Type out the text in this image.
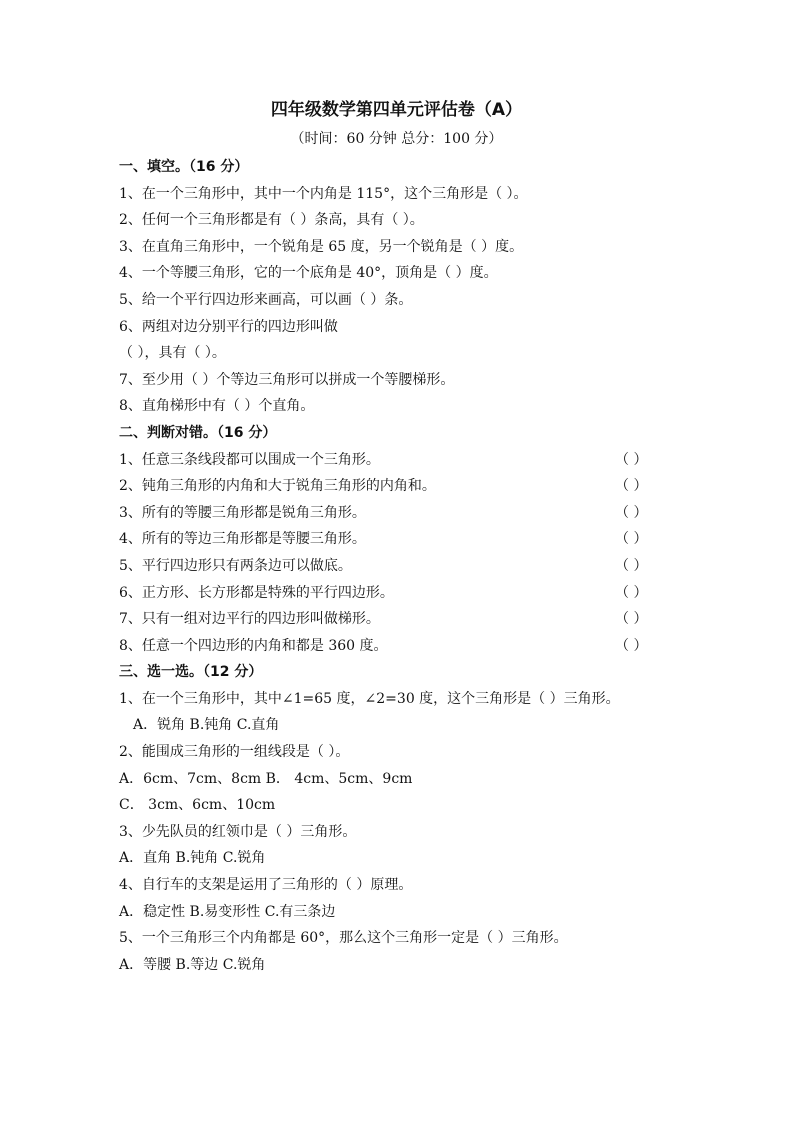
四年级数学第四单元评估卷（A）
（时间：60 分钟 总分：100 分）
一、填空。（16 分）
1、在一个三角形中，其中一个内角是 115°，这个三角形是（ ）。
2、任何一个三角形都是有（ ）条高，具有（ ）。
3、在直角三角形中，一个锐角是 65 度，另一个锐角是（ ）度。
4、一个等腰三角形，它的一个底角是 40°，顶角是（ ）度。
5、给一个平行四边形来画高，可以画（ ）条。
6、两组对边分别平行的四边形叫做
（ ），具有（ ）。
7、至少用（ ）个等边三角形可以拼成一个等腰梯形。
8、直角梯形中有（ ）个直角。
二、判断对错。（16 分）
1、任意三条线段都可以围成一个三角形。	（ ）
2、钝角三角形的内角和大于锐角三角形的内角和。	（ ）
3、所有的等腰三角形都是锐角三角形。	（ ）
4、所有的等边三角形都是等腰三角形。	（ ）
5、平行四边形只有两条边可以做底。	（ ）
6、正方形、长方形都是特殊的平行四边形。	（ ）
7、只有一组对边平行的四边形叫做梯形。	（ ）
8、任意一个四边形的内角和都是 360 度。	（ ）
三、选一选。（12 分）
1、在一个三角形中，其中∠1=65 度，∠2=30 度，这个三角形是（ ）三角形。
A．锐角 B.钝角 C.直角
2、能围成三角形的一组线段是（ ）。
A．6cm、7cm、8cm B． 4cm、5cm、9cm
C． 3cm、6cm、10cm
3、少先队员的红领巾是（ ）三角形。
A．直角 B.钝角 C.锐角
4、自行车的支架是运用了三角形的（ ）原理。
A．稳定性 B.易变形性 C.有三条边
5、一个三角形三个内角都是 60°，那么这个三角形一定是（ ）三角形。
A．等腰 B.等边 C.锐角
